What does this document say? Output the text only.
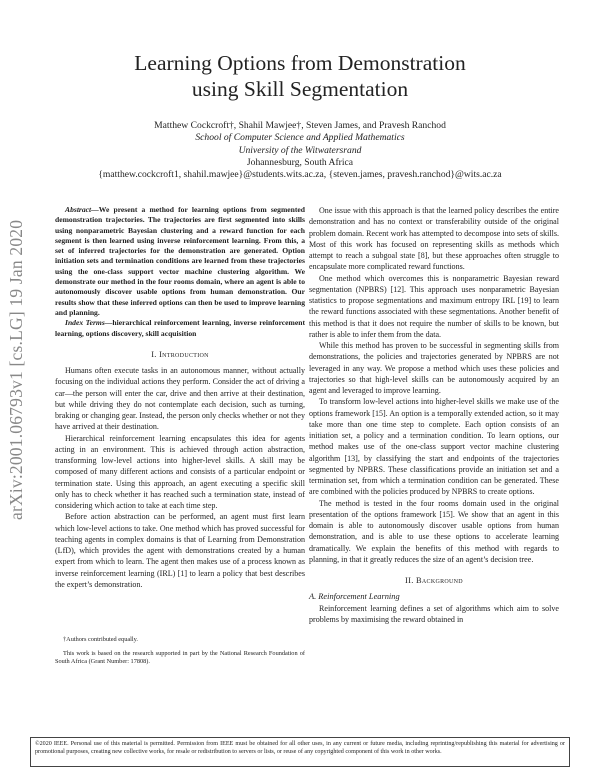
Learning Options from Demonstration
using Skill Segmentation
Matthew Cockcroft†, Shahil Mawjee†, Steven James, and Pravesh Ranchod
School of Computer Science and Applied Mathematics
University of the Witwatersrand
Johannesburg, South Africa
{matthew.cockcroft1, shahil.mawjee}@students.wits.ac.za, {steven.james, pravesh.ranchod}@wits.ac.za
arXiv:2001.06793v1 [cs.LG] 19 Jan 2020

Abstract—We present a method for learning options from segmented demonstration trajectories. The trajectories are first segmented into skills using nonparametric Bayesian clustering and a reward function for each segment is then learned using inverse reinforcement learning. From this, a set of inferred trajectories for the demonstration are generated. Option initiation sets and termination conditions are learned from these trajectories using the one-class support vector machine clustering algorithm. We demonstrate our method in the four rooms domain, where an agent is able to autonomously discover usable options from human demonstration. Our results show that these inferred options can then be used to improve learning and planning.

Index Terms—hierarchical reinforcement learning, inverse reinforcement learning, options discovery, skill acquisition

I. Introduction

Humans often execute tasks in an autonomous manner, without actually focusing on the individual actions they perform. Consider the act of driving a car—the person will enter the car, drive and then arrive at their destination, but while driving they do not contemplate each decision, such as turning, braking or changing gear. Instead, the person only checks whether or not they have arrived at their destination.

Hierarchical reinforcement learning encapsulates this idea for agents acting in an environment. This is achieved through action abstraction, transforming low-level actions into higher-level skills. A skill may be composed of many different actions and consists of a particular endpoint or termination state. Using this approach, an agent executing a specific skill only has to check whether it has reached such a termination state, instead of considering which action to take at each time step.

Before action abstraction can be performed, an agent must first learn which low-level actions to take. One method which has proved successful for teaching agents in complex domains is that of Learning from Demonstration (LfD), which provides the agent with demonstrations created by a human expert from which to learn. The agent then makes use of a process known as inverse reinforcement learning (IRL) [1] to learn a policy that best describes the expert’s demonstration.

†Authors contributed equally.

This work is based on the research supported in part by the National Research Foundation of South Africa (Grant Number: 17808).

One issue with this approach is that the learned policy describes the entire demonstration and has no context or transferability outside of the original problem domain. Recent work has attempted to decompose into sets of skills. Most of this work has focused on representing skills as methods which attempt to reach a subgoal state [8], but these approaches often struggle to encapsulate more complicated reward functions.

One method which overcomes this is nonparametric Bayesian reward segmentation (NPBRS) [12]. This approach uses nonparametric Bayesian statistics to propose segmentations and maximum entropy IRL [19] to learn the reward functions associated with these segmentations. Another benefit of this method is that it does not require the number of skills to be known, but rather is able to infer them from the data.

While this method has proven to be successful in segmenting skills from demonstrations, the policies and trajectories generated by NPBRS are not leveraged in any way. We propose a method which uses these policies and trajectories so that high-level skills can be autonomously acquired by an agent and leveraged to improve learning.

To transform low-level actions into higher-level skills we make use of the options framework [15]. An option is a temporally extended action, so it may take more than one time step to complete. Each option consists of an initiation set, a policy and a termination condition. To learn options, our method makes use of the one-class support vector machine clustering algorithm [13], by classifying the start and endpoints of the trajectories segmented by NPBRS. These classifications provide an initiation set and a termination set, from which a termination condition can be generated. These are combined with the policies produced by NPBRS to create options.

The method is tested in the four rooms domain used in the original presentation of the options framework [15]. We show that an agent in this domain is able to autonomously discover usable options from human demonstration, and is able to use these options to accelerate learning dramatically. We explain the benefits of this method with regards to planning, in that it greatly reduces the size of an agent’s decision tree.

II. Background

A. Reinforcement Learning

Reinforcement learning defines a set of algorithms which aim to solve problems by maximising the reward obtained in

©2020 IEEE. Personal use of this material is permitted. Permission from IEEE must be obtained for all other uses, in any current or future media, including reprinting/republishing this material for advertising or promotional purposes, creating new collective works, for resale or redistribution to servers or lists, or reuse of any copyrighted component of this work in other works.
